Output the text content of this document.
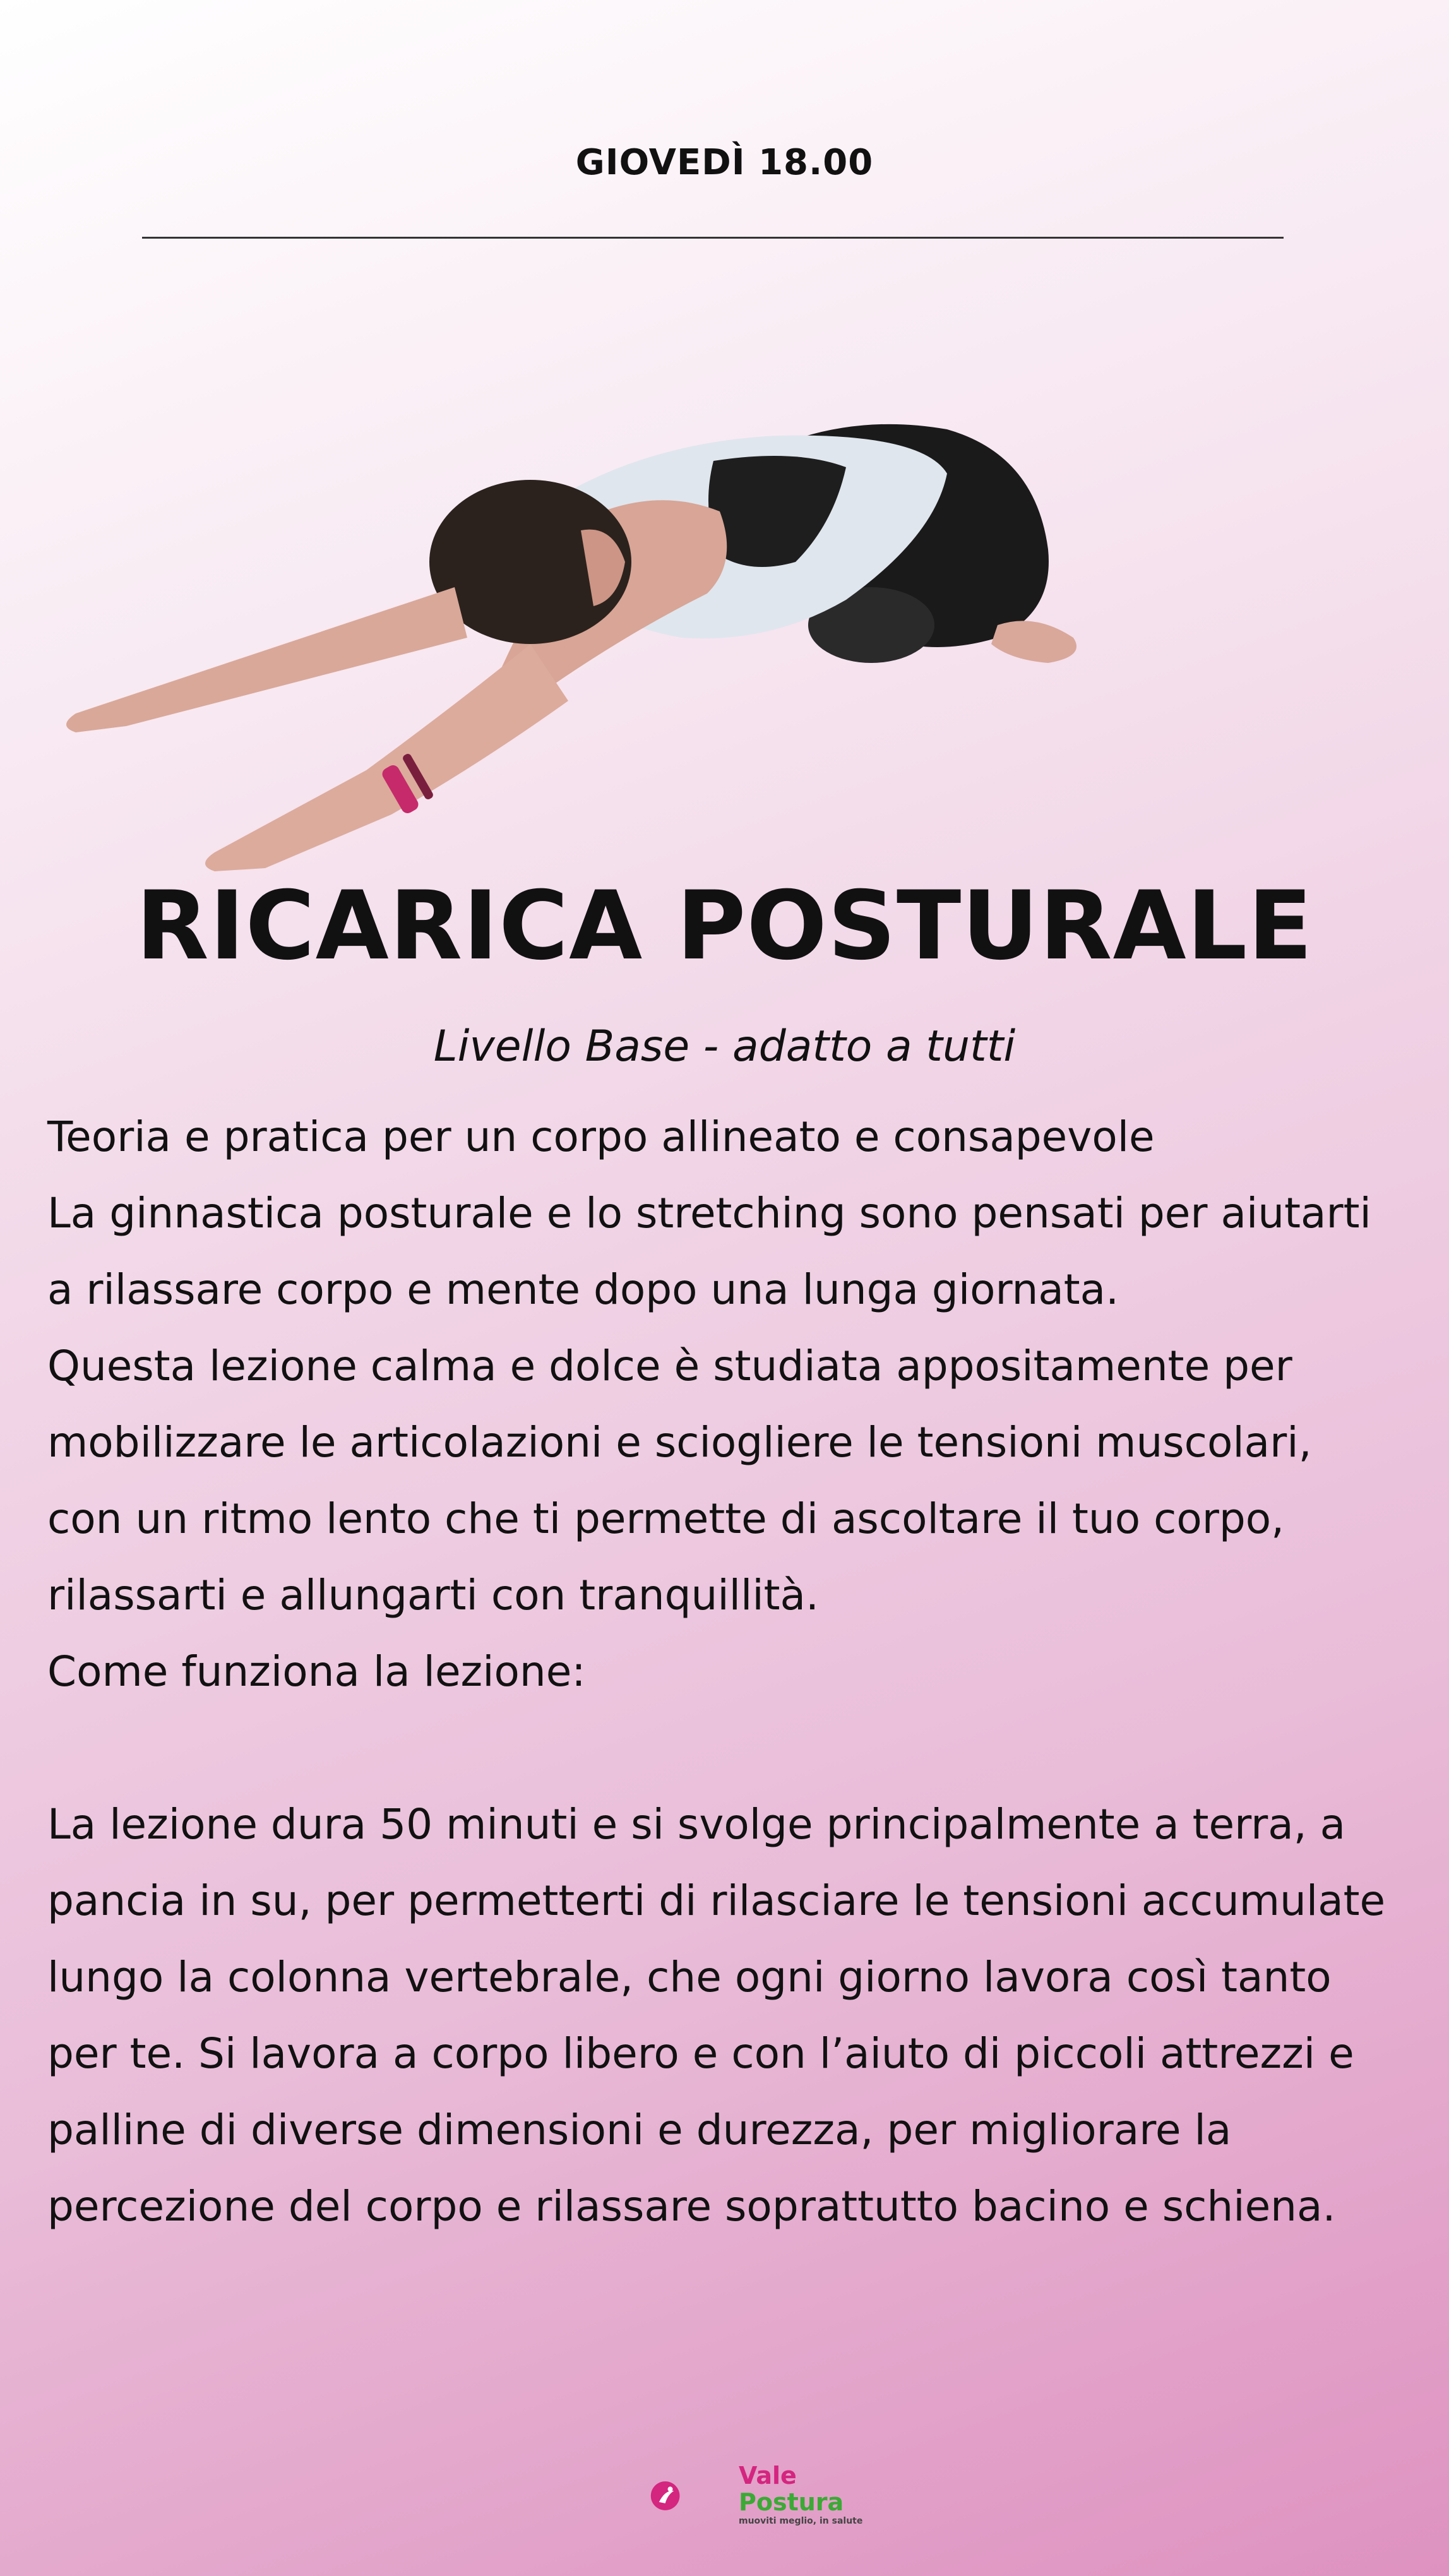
GIOVEDÌ 18.00
RICARICA POSTURALE
Livello Base - adatto a tutti

Teoria e pratica per un corpo allineato e consapevole

La ginnastica posturale e lo stretching sono pensati per aiutarti

a rilassare corpo e mente dopo una lunga giornata.

Questa lezione calma e dolce è studiata appositamente per

mobilizzare le articolazioni e sciogliere le tensioni muscolari,

con un ritmo lento che ti permette di ascoltare il tuo corpo,

rilassarti e allungarti con tranquillità.

Come funziona la lezione:

La lezione dura 50 minuti e si svolge principalmente a terra, a

pancia in su, per permetterti di rilasciare le tensioni accumulate

lungo la colonna vertebrale, che ogni giorno lavora così tanto

per te. Si lavora a corpo libero e con l’aiuto di piccoli attrezzi e

palline di diverse dimensioni e durezza, per migliorare la

percezione del corpo e rilassare soprattutto bacino e schiena.

Vale
Postura
muoviti meglio, in salute
